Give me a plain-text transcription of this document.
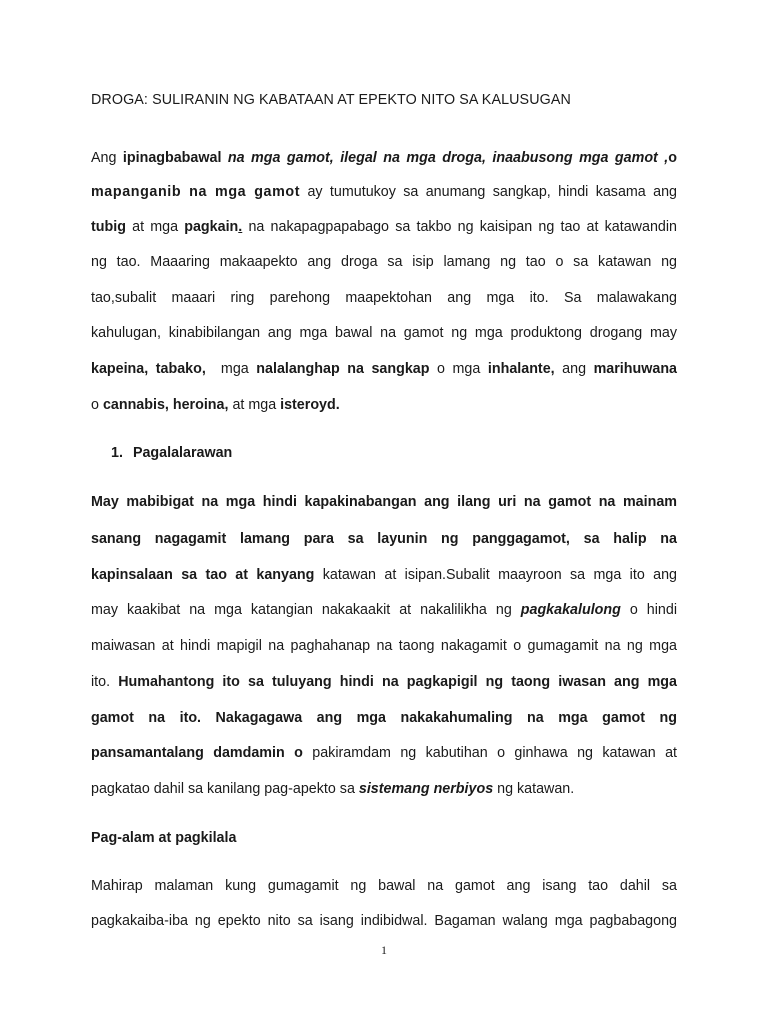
DROGA: SULIRANIN NG KABATAAN AT EPEKTO NITO SA KALUSUGAN
Ang ipinagbabawal na mga gamot, ilegal na mga droga, inaabusong mga gamot ,o
mapanganib na mga gamot ay tumutukoy sa anumang sangkap, hindi kasama ang
tubig at mga pagkain. na nakapagpapabago sa takbo ng kaisipan ng tao at katawandin
ng tao. Maaaring makaapekto ang droga sa isip lamang ng tao o sa katawan ng
tao,subalit maaari ring parehong maapektohan ang mga ito. Sa malawakang
kahulugan, kinabibilangan ang mga bawal na gamot ng mga produktong drogang may
kapeina, tabako,  mga nalalanghap na sangkap o mga inhalante, ang marihuwana
o cannabis, heroina, at mga isteroyd.
1. Pagalalarawan
May mabibigat na mga hindi kapakinabangan ang ilang uri na gamot na mainam
sanang nagagamit lamang para sa layunin ng panggagamot, sa halip na
kapinsalaan sa tao at kanyang katawan at isipan.Subalit maayroon sa mga ito ang
may kaakibat na mga katangian nakakaakit at nakalilikha ng pagkakalulong o hindi
maiwasan at hindi mapigil na paghahanap na taong nakagamit o gumagamit na ng mga
ito. Humahantong ito sa tuluyang hindi na pagkapigil ng taong iwasan ang mga
gamot na ito. Nakagagawa ang mga nakakahumaling na mga gamot ng
pansamantalang damdamin o pakiramdam ng kabutihan o ginhawa ng katawan at
pagkatao dahil sa kanilang pag-apekto sa sistemang nerbiyos ng katawan.
Pag-alam at pagkilala
Mahirap malaman kung gumagamit ng bawal na gamot ang isang tao dahil sa
pagkakaiba-iba ng epekto nito sa isang indibidwal. Bagaman walang mga pagbabagong
1
